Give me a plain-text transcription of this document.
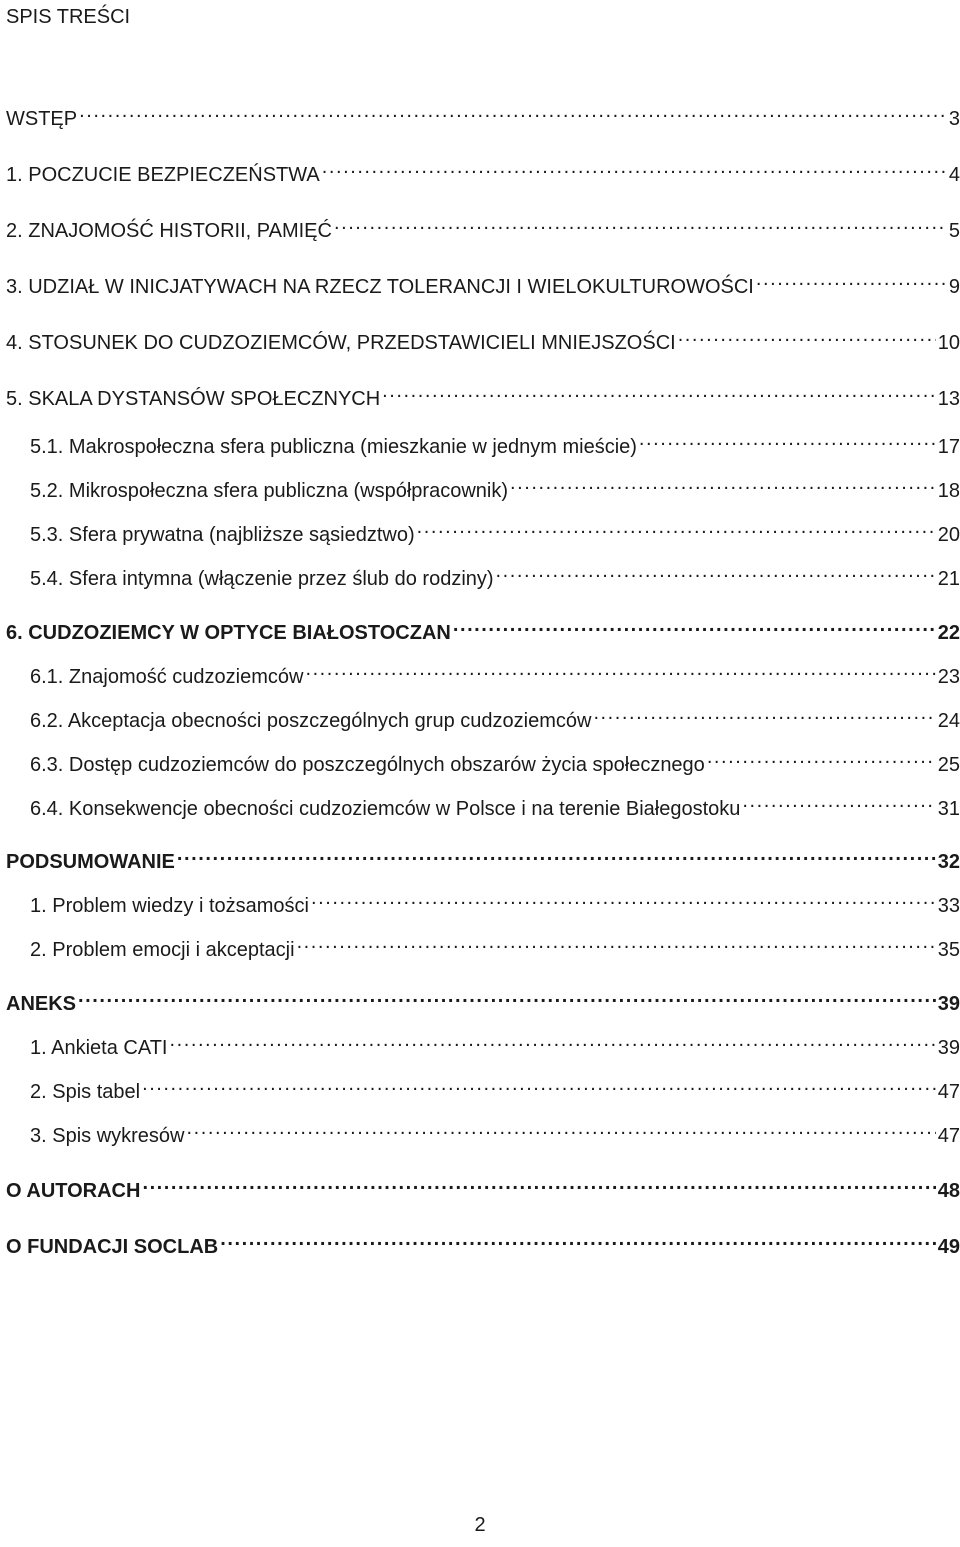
SPIS TREŚCI
WSTĘP . . .	3
1. POCZUCIE BEZPIECZEŃSTWA . . .	4
2. ZNAJOMOŚĆ HISTORII, PAMIĘĆ . . .	5
3. UDZIAŁ W INICJATYWACH NA RZECZ TOLERANCJI I WIELOKULTUROWOŚCI . . .	9
4. STOSUNEK DO CUDZOZIEMCÓW, PRZEDSTAWICIELI MNIEJSZOŚCI . . .	10
5. SKALA DYSTANSÓW SPOŁECZNYCH . . .	13
5.1. Makrospołeczna sfera publiczna (mieszkanie w jednym mieście) . . .	17
5.2. Mikrospołeczna sfera publiczna (współpracownik) . . .	18
5.3. Sfera prywatna (najbliższe sąsiedztwo) . . .	20
5.4. Sfera intymna (włączenie przez ślub do rodziny) . . .	21
6. CUDZOZIEMCY W OPTYCE BIAŁOSTOCZAN . . .	22
6.1. Znajomość cudzoziemców . . .	23
6.2. Akceptacja obecności poszczególnych grup cudzoziemców . . .	24
6.3. Dostęp cudzoziemców do poszczególnych obszarów życia społecznego . . .	25
6.4. Konsekwencje obecności cudzoziemców w Polsce i na terenie Białegostoku . . .	31
PODSUMOWANIE . . .	32
1. Problem wiedzy i tożsamości . . .	33
2. Problem emocji i akceptacji . . .	35
ANEKS . . .	39
1. Ankieta CATI . . .	39
2. Spis tabel . . .	47
3. Spis wykresów . . .	47
O AUTORACH . . .	48
O FUNDACJI SOCLAB . . .	49
2
